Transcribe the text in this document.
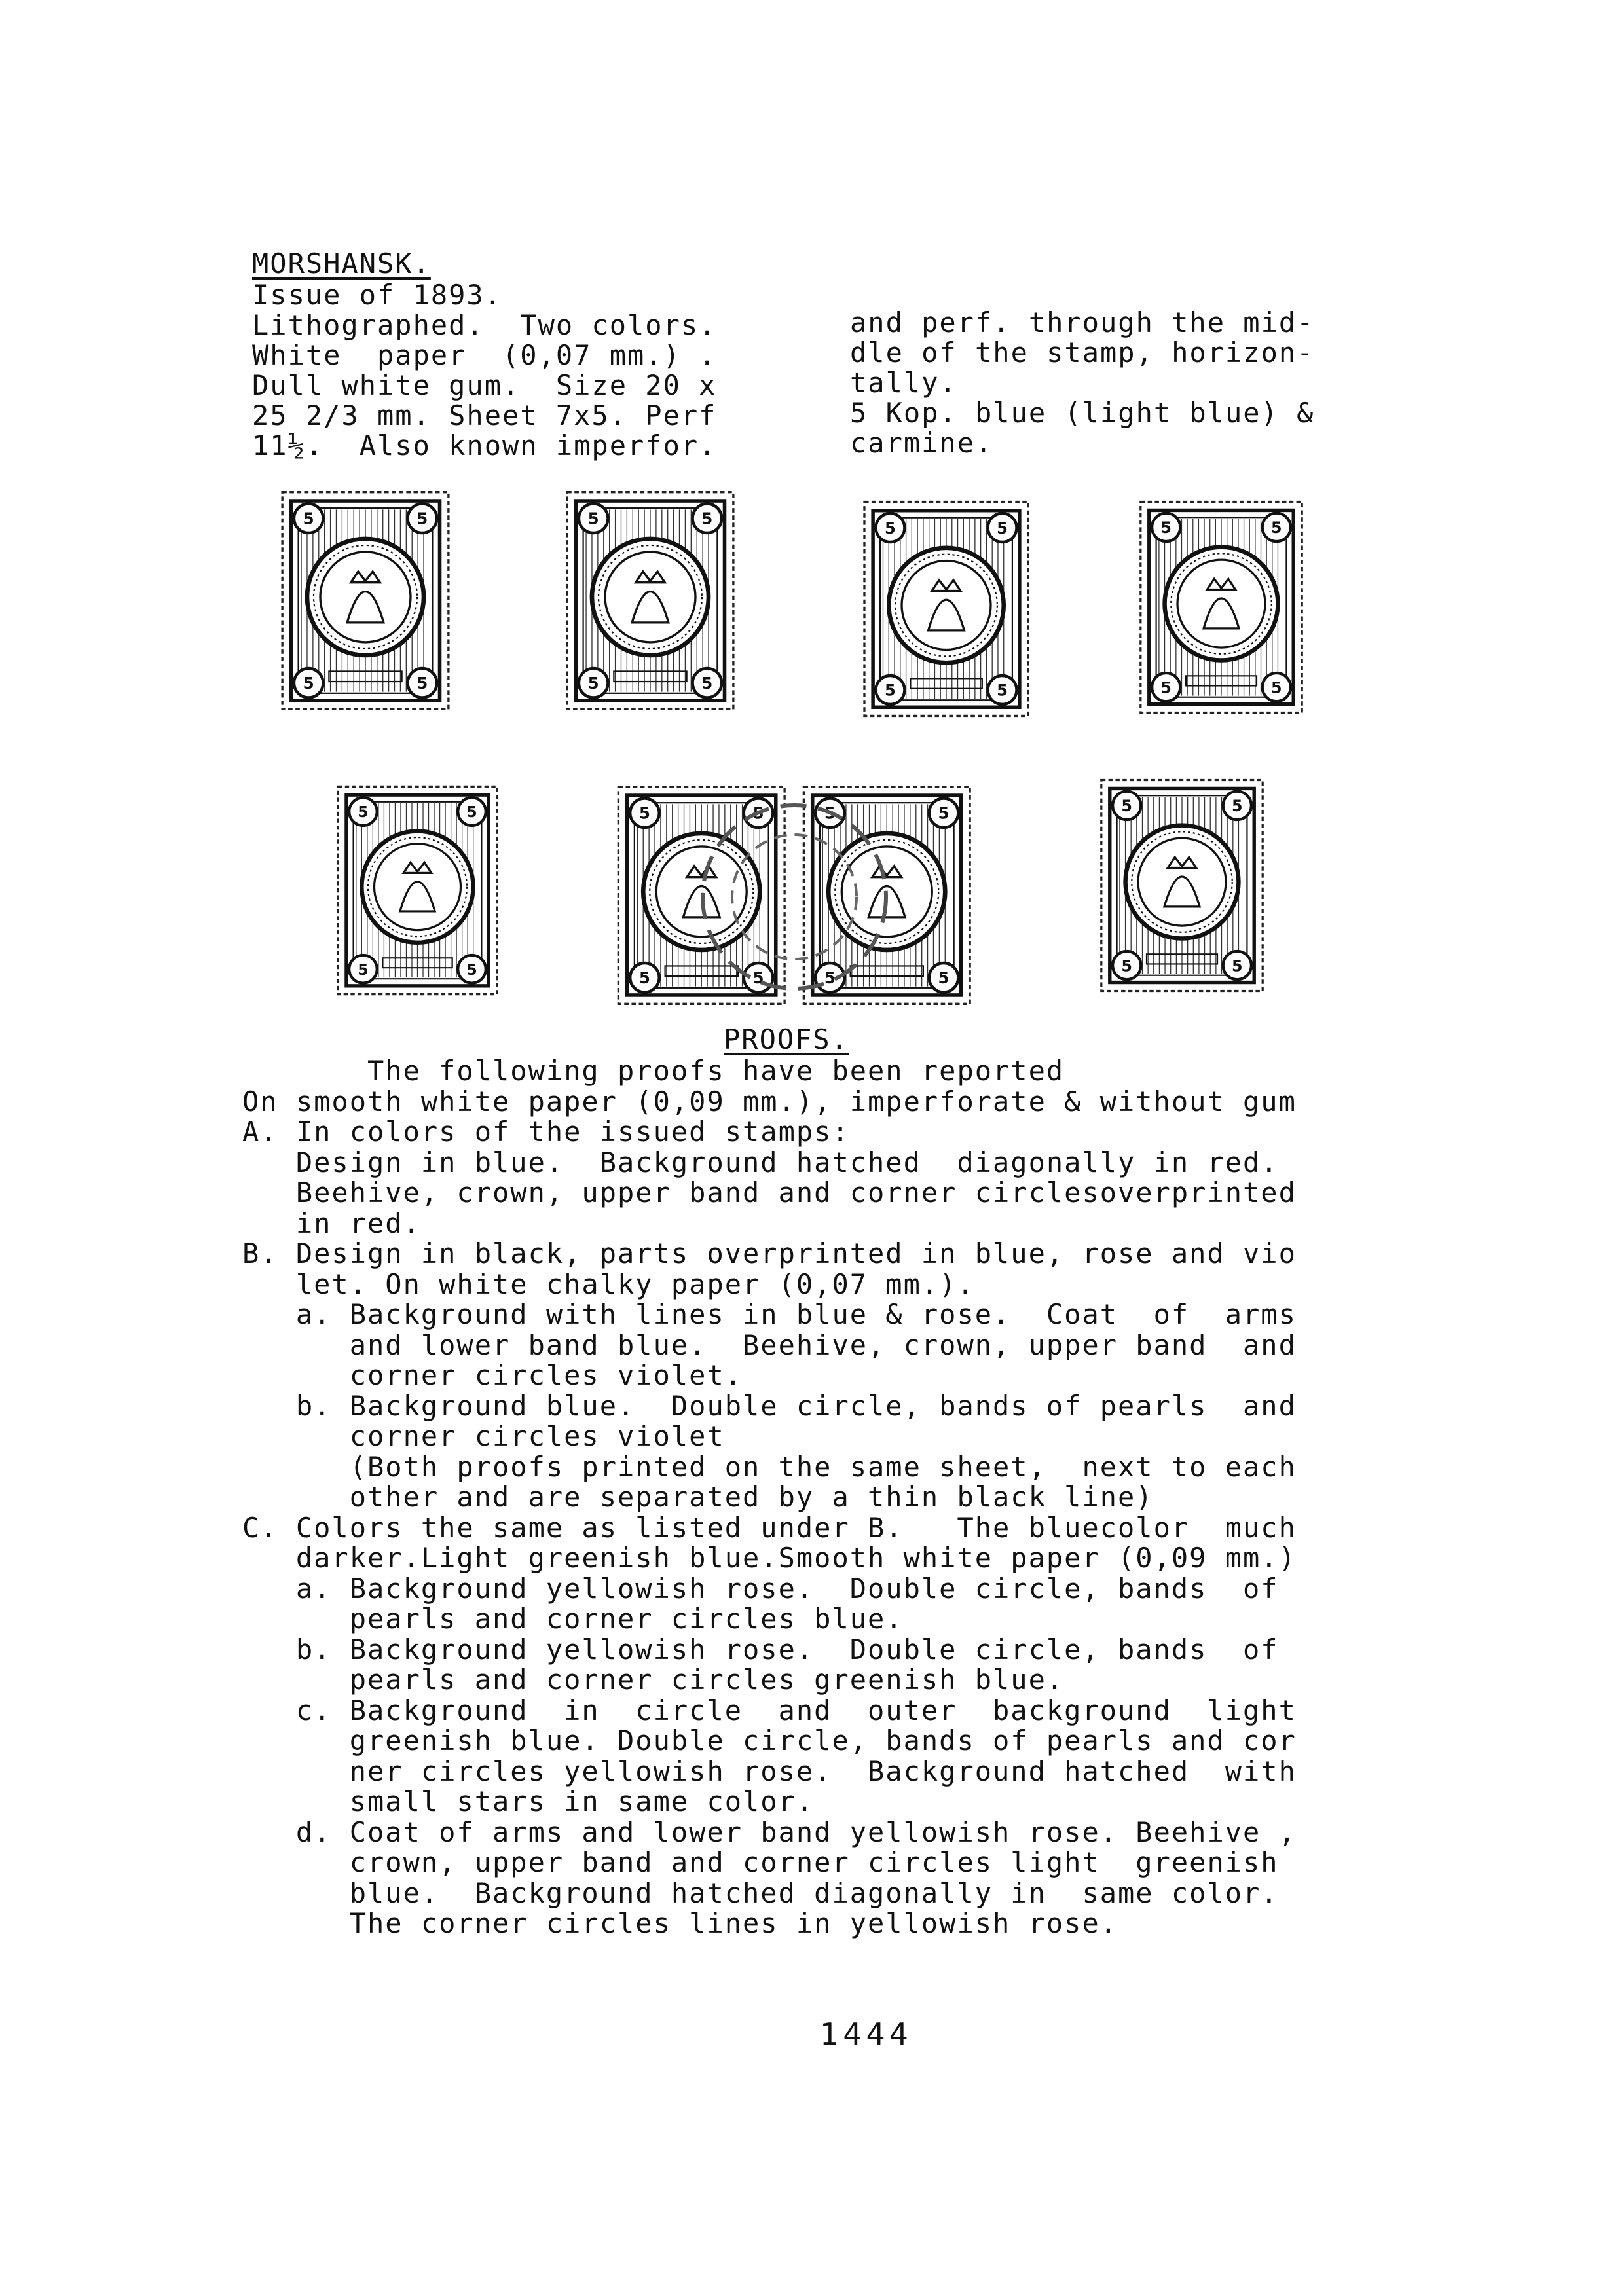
MORSHANSK.
Issue of 1893.
Lithographed.  Two colors.
White  paper  (0,07 mm.) .
Dull white gum.  Size 20 x
25 2/3 mm. Sheet 7x5. Perf
11½.  Also known imperfor.
and perf. through the mid-
dle of the stamp, horizon-
tally.
5 Kop. blue (light blue) &
carmine.
5	5
5	5
5	5
5	5
5	5
5	5
5	5
5	5
5	5
5	5
5	5
5	5
5	5
5	5
5	5
5	5
PROOFS.
The following proofs have been reported
On smooth white paper (0,09 mm.), imperforate & without gum
A. In colors of the issued stamps:
Design in blue.  Background hatched  diagonally in red.
Beehive, crown, upper band and corner circlesoverprinted
in red.
B. Design in black, parts overprinted in blue, rose and vio
let. On white chalky paper (0,07 mm.).
a. Background with lines in blue & rose.  Coat  of  arms
and lower band blue.  Beehive, crown, upper band  and
corner circles violet.
b. Background blue.  Double circle, bands of pearls  and
corner circles violet
(Both proofs printed on the same sheet,  next to each
other and are separated by a thin black line)
C. Colors the same as listed under B.   The bluecolor  much
darker.Light greenish blue.Smooth white paper (0,09 mm.)
a. Background yellowish rose.  Double circle, bands  of
pearls and corner circles blue.
b. Background yellowish rose.  Double circle, bands  of
pearls and corner circles greenish blue.
c. Background  in  circle  and  outer  background  light
greenish blue. Double circle, bands of pearls and cor
ner circles yellowish rose.  Background hatched  with
small stars in same color.
d. Coat of arms and lower band yellowish rose. Beehive ,
crown, upper band and corner circles light  greenish
blue.  Background hatched diagonally in  same color.
The corner circles lines in yellowish rose.
1444
